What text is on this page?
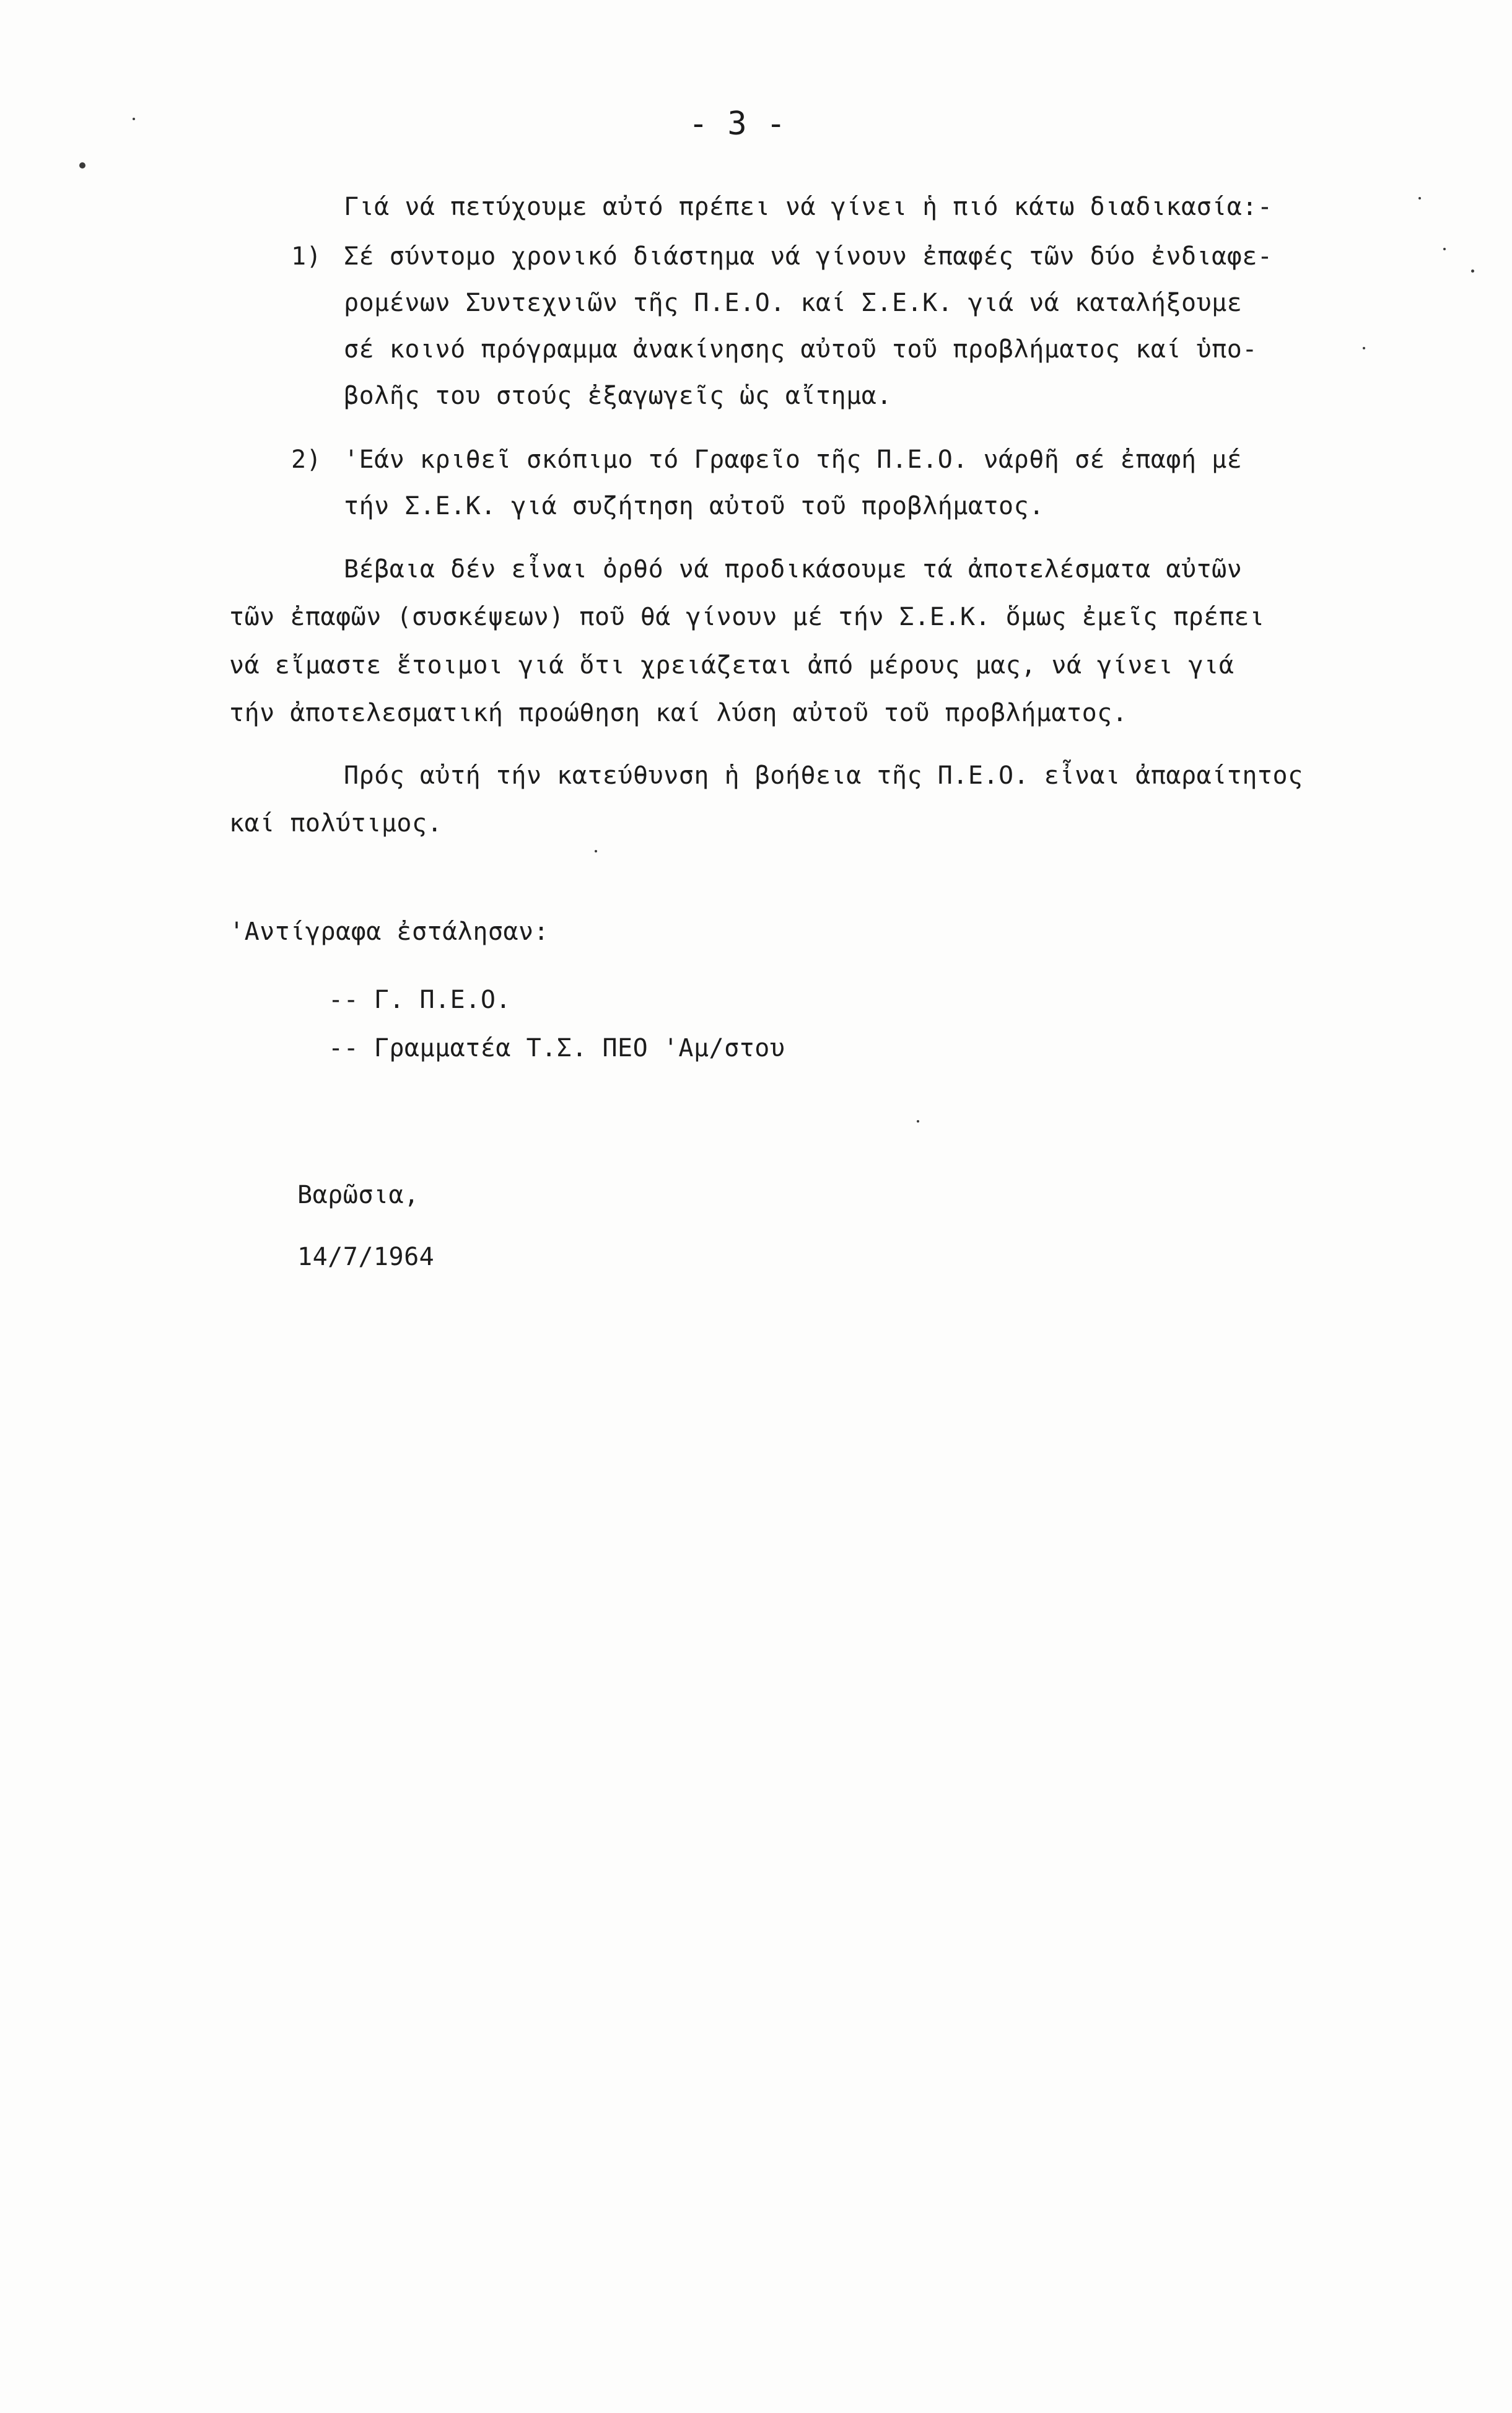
- 3 -
Γιά νά πετύχουμε αὐτό πρέπει νά γίνει ἡ πιό κάτω διαδικασία:-
1) Σέ σύντομο χρονικό διάστημα νά γίνουν ἐπαφές τῶν δύο ἐνδιαφε-
ρομένων Συντεχνιῶν τῆς Π.Ε.Ο. καί Σ.Ε.Κ. γιά νά καταλήξουμε
σέ κοινό πρόγραμμα ἀνακίνησης αὐτοῦ τοῦ προβλήματος καί ὑπο-
βολῆς του στούς ἐξαγωγεῖς ὡς αἴτημα.
2) 'Εάν κριθεῖ σκόπιμο τό Γραφεῖο τῆς Π.Ε.Ο. νάρθῆ σέ ἐπαφή μέ
τήν Σ.Ε.Κ. γιά συζήτηση αὐτοῦ τοῦ προβλήματος.
Βέβαια δέν εἶναι ὀρθό νά προδικάσουμε τά ἀποτελέσματα αὐτῶν
τῶν ἐπαφῶν (συσκέψεων) ποῦ θά γίνουν μέ τήν Σ.Ε.Κ. ὅμως ἐμεῖς πρέπει
νά εἴμαστε ἕτοιμοι γιά ὅτι χρειάζεται ἀπό μέρους μας, νά γίνει γιά
τήν ἀποτελεσματική προώθηση καί λύση αὐτοῦ τοῦ προβλήματος.
Πρός αὐτή τήν κατεύθυνση ἡ βοήθεια τῆς Π.Ε.Ο. εἶναι ἀπαραίτητος
καί πολύτιμος.
'Αντίγραφα ἐστάλησαν:
-- Γ. Π.Ε.Ο.
-- Γραμματέα Τ.Σ. ΠΕΟ 'Αμ/στου
Βαρῶσια,
14/7/1964
